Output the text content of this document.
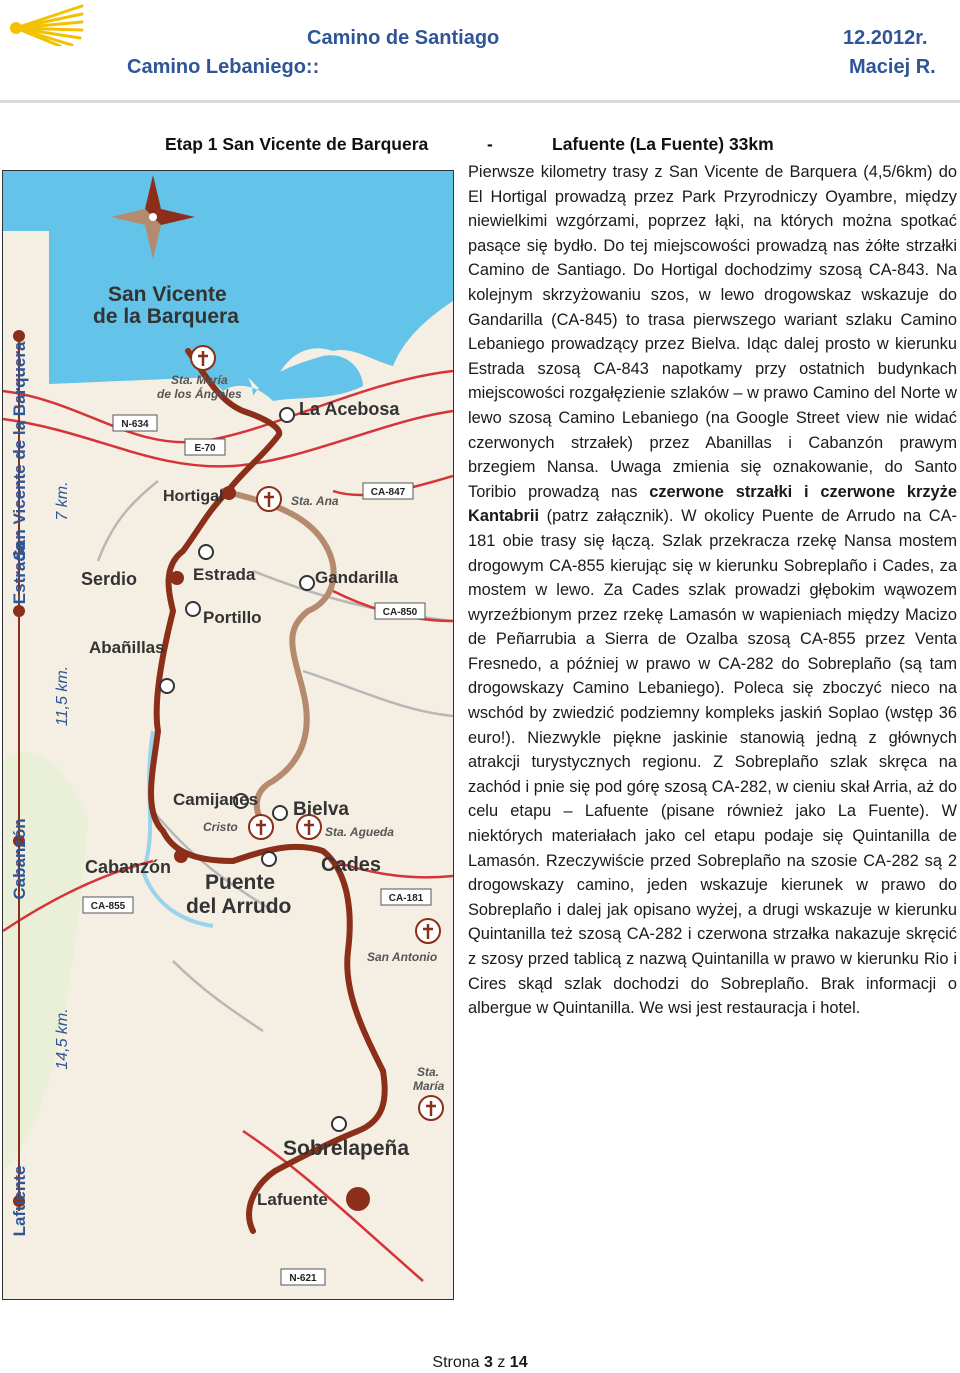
Camino de Santiago	12.2012r.
Camino Lebaniego::	Maciej R.
Etap 1 San Vicente de Barquera	-	Lafuente (La Fuente) 33km
N-634
E-70
CA-847
CA-850
CA-181
CA-855
N-621
San Vicente
de la Barquera
La Acebosa
Hortigal
Serdio	Estrada	Gandarilla
Portillo
Abañillas
Camijanes Bielva
Cabanzón	Cades
Puente
del Arrudo
Sobrelapeña
Lafuente
Sta. María
de los Ángeles
Sta. Ana
Cristo	Sta. Agueda
San Antonio
Sta.
María
San Vicente de la Barquera
Estrada
Cabanzón
Lafuente
7 km.
11,5 km.
14,5 km.
Pierwsze kilometry trasy z San Vicente de Barquera (4,5/6km) do El Hortigal prowadzą przez Park Przyrodniczy Oyambre, między niewielkimi wzgórzami, poprzez łąki, na których można spotkać pasące się bydło. Do tej miejscowości prowadzą nas żółte strzałki Camino de Santiago. Do Hortigal dochodzimy szosą CA-843. Na kolejnym skrzyżowaniu szos, w lewo drogowskaz wskazuje do Gandarilla (CA-845) to trasa pierwszego wariant szlaku Camino Lebaniego prowadzący przez Bielva. Idąc dalej prosto w kierunku Estrada szosą CA-843 napotkamy przy ostatnich budynkach miejscowości rozgałęzienie szlaków – w prawo Camino del Norte w lewo szosą Camino Lebaniego (na Google Street view nie widać czerwonych strzałek) przez Abanillas i Cabanzón prawym brzegiem Nansa. Uwaga zmienia się oznakowanie, do Santo Toribio prowadzą nas czerwone strzałki i czerwone krzyże Kantabrii (patrz załącznik). W okolicy Puente de Arrudo na CA-181 obie trasy się łączą. Szlak przekracza rzekę Nansa mostem drogowym CA-855 kierując się w kierunku Sobreplaño i Cades, za mostem w lewo. Za Cades szlak prowadzi głębokim wąwozem wyrzeźbionym przez rzekę Lamasón w wapieniach między Macizo de Peñarrubia a Sierra de Ozalba szosą CA-855 przez Venta Fresnedo, a później w prawo w CA-282 do Sobreplaño (są tam drogowskazy Camino Lebaniego). Poleca się zboczyć nieco na wschód by zwiedzić podziemny kompleks jaskiń Soplao (wstęp 36 euro!). Niezwykle piękne jaskinie stanowią jedną z głównych atrakcji turystycznych regionu. Z Sobreplaño szlak skręca na zachód i pnie się pod górę szosą CA-282, w cieniu skał Arria, aż do celu etapu – Lafuente (pisane również jako La Fuente). W niektórych materiałach jako cel etapu podaje się Quintanilla de Lamasón. Rzeczywiście przed Sobreplaño na szosie CA-282 są 2 drogowskazy camino, jeden wskazuje kierunek w prawo do Sobreplaño i dalej jak opisano wyżej, a drugi wskazuje w kierunku Quintanilla też szosą CA-282 i czerwona strzałka nakazuje skręcić z szosy przed tablicą z nazwą Quintanilla w prawo w kierunku Rio i Cires skąd szlak dochodzi do Sobreplaño. Brak informacji o albergue w Quintanilla. We wsi jest restauracja i hotel.
Strona 3 z 14
